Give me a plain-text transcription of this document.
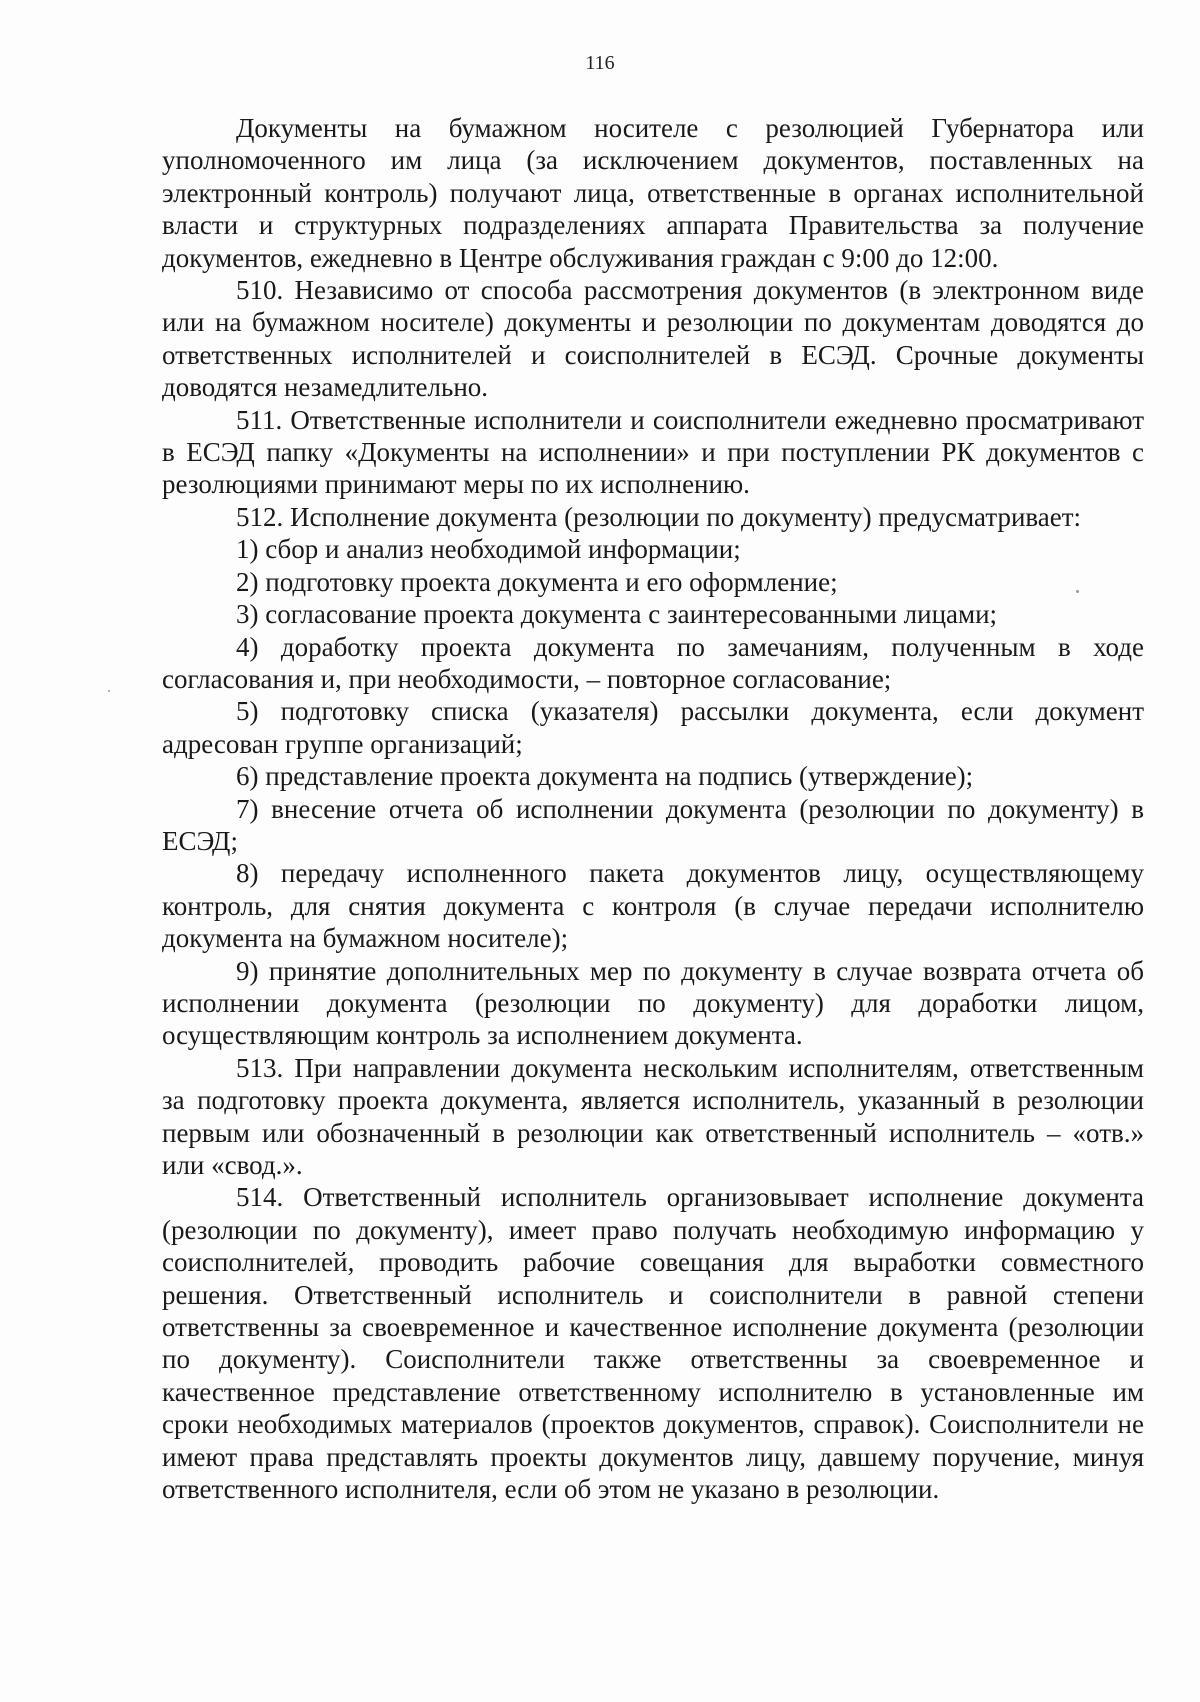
116

Документы на бумажном носителе с резолюцией Губернатора или уполномоченного им лица (за исключением документов, поставленных на электронный контроль) получают лица, ответственные в органах исполнительной власти и структурных подразделениях аппарата Правительства за получение документов, ежедневно в Центре обслуживания граждан с 9:00 до 12:00.

510. Независимо от способа рассмотрения документов (в электронном виде или на бумажном носителе) документы и резолюции по документам доводятся до ответственных исполнителей и соисполнителей в ЕСЭД. Срочные документы доводятся незамедлительно.

511. Ответственные исполнители и соисполнители ежедневно просматривают в ЕСЭД папку «Документы на исполнении» и при поступлении РК документов с резолюциями принимают меры по их исполнению.

512. Исполнение документа (резолюции по документу) предусматривает:

1) сбор и анализ необходимой информации;

2) подготовку проекта документа и его оформление;

3) согласование проекта документа с заинтересованными лицами;

4) доработку проекта документа по замечаниям, полученным в ходе согласования и, при необходимости, – повторное согласование;

5) подготовку списка (указателя) рассылки документа, если документ адресован группе организаций;

6) представление проекта документа на подпись (утверждение);

7) внесение отчета об исполнении документа (резолюции по документу) в ЕСЭД;

8) передачу исполненного пакета документов лицу, осуществляющему контроль, для снятия документа с контроля (в случае передачи исполнителю документа на бумажном носителе);

9) принятие дополнительных мер по документу в случае возврата отчета об исполнении документа (резолюции по документу) для доработки лицом, осуществляющим контроль за исполнением документа.

513. При направлении документа нескольким исполнителям, ответственным за подготовку проекта документа, является исполнитель, указанный в резолюции первым или обозначенный в резолюции как ответственный исполнитель – «отв.» или «свод.».

514. Ответственный исполнитель организовывает исполнение документа (резолюции по документу), имеет право получать необходимую информацию у соисполнителей, проводить рабочие совещания для выработки совместного решения. Ответственный исполнитель и соисполнители в равной степени ответственны за своевременное и качественное исполнение документа (резолюции по документу). Соисполнители также ответственны за своевременное и качественное представление ответственному исполнителю в установленные им сроки необходимых материалов (проектов документов, справок). Соисполнители не имеют права представлять проекты документов лицу, давшему поручение, минуя ответственного исполнителя, если об этом не указано в резолюции.
